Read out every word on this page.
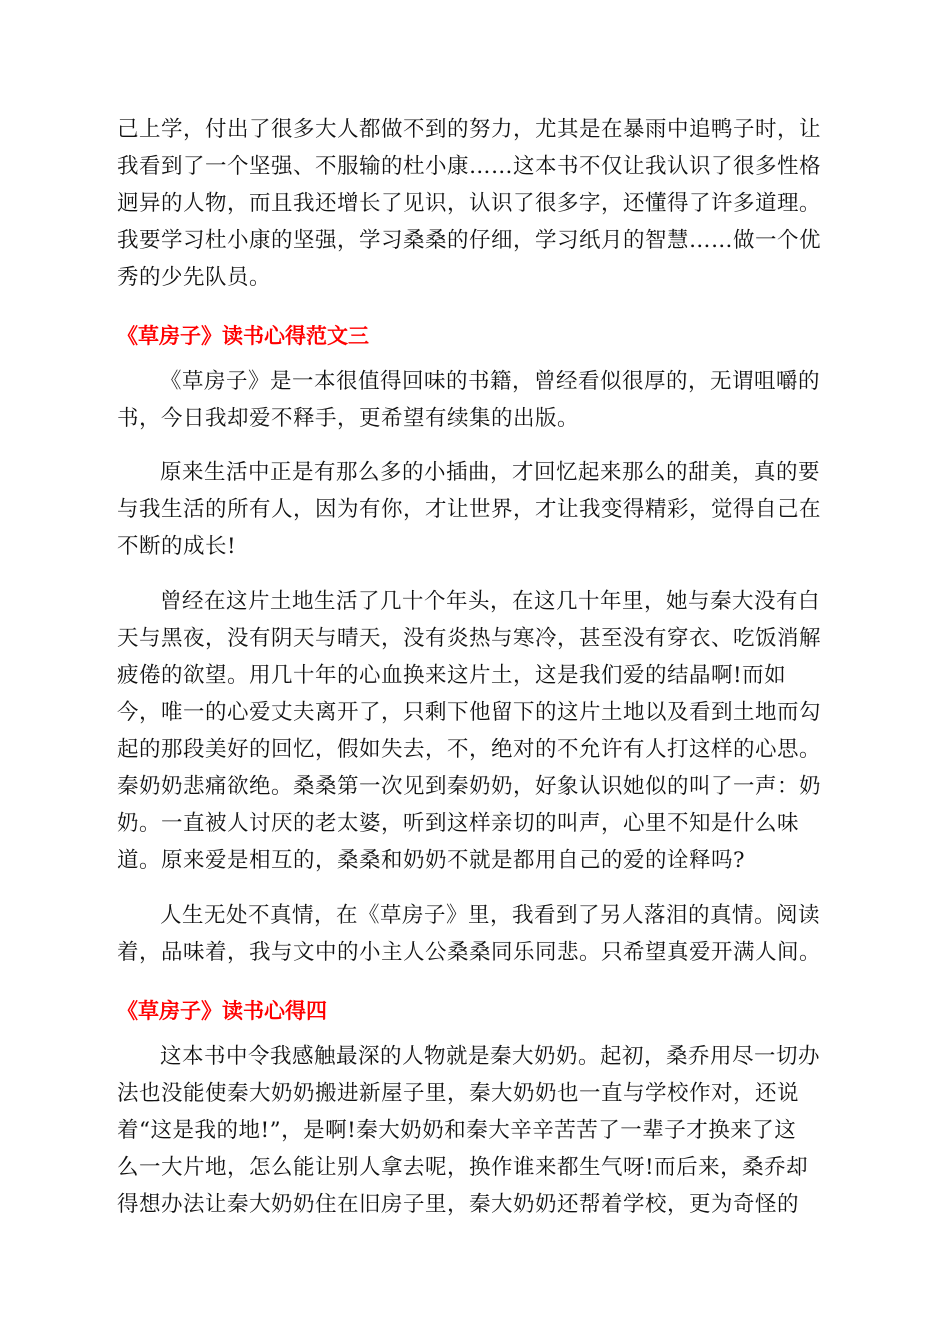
己上学，付出了很多大人都做不到的努力，尤其是在暴雨中追鸭子时，让
我看到了一个坚强、不服输的杜小康……这本书不仅让我认识了很多性格
迥异的人物，而且我还增长了见识，认识了很多字，还懂得了许多道理。
我要学习杜小康的坚强，学习桑桑的仔细，学习纸月的智慧……做一个优
秀的少先队员。
《草房子》读书心得范文三
《草房子》是一本很值得回味的书籍，曾经看似很厚的，无谓咀嚼的
书，今日我却爱不释手，更希望有续集的出版。
原来生活中正是有那么多的小插曲，才回忆起来那么的甜美，真的要
与我生活的所有人，因为有你，才让世界，才让我变得精彩，觉得自己在
不断的成长!
曾经在这片土地生活了几十个年头，在这几十年里，她与秦大没有白
天与黑夜，没有阴天与晴天，没有炎热与寒冷，甚至没有穿衣、吃饭消解
疲倦的欲望。用几十年的心血换来这片土，这是我们爱的结晶啊!而如
今，唯一的心爱丈夫离开了，只剩下他留下的这片土地以及看到土地而勾
起的那段美好的回忆，假如失去，不，绝对的不允许有人打这样的心思。
秦奶奶悲痛欲绝。桑桑第一次见到秦奶奶，好象认识她似的叫了一声：奶
奶。一直被人讨厌的老太婆，听到这样亲切的叫声，心里不知是什么味
道。原来爱是相互的，桑桑和奶奶不就是都用自己的爱的诠释吗?
人生无处不真情，在《草房子》里，我看到了另人落泪的真情。阅读
着，品味着，我与文中的小主人公桑桑同乐同悲。只希望真爱开满人间。
《草房子》读书心得四
这本书中令我感触最深的人物就是秦大奶奶。起初，桑乔用尽一切办
法也没能使秦大奶奶搬进新屋子里，秦大奶奶也一直与学校作对，还说
着“这是我的地!”，是啊!秦大奶奶和秦大辛辛苦苦了一辈子才换来了这
么一大片地，怎么能让别人拿去呢，换作谁来都生气呀!而后来，桑乔却
得想办法让秦大奶奶住在旧房子里，秦大奶奶还帮着学校，更为奇怪的
